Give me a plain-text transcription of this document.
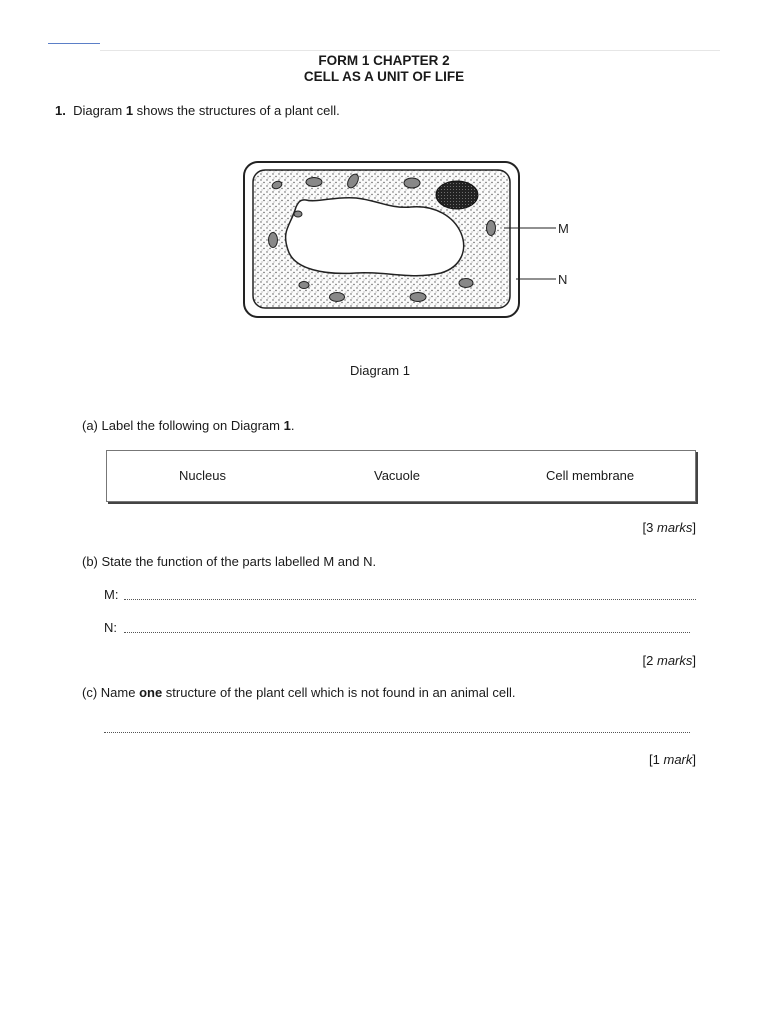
FORM 1 CHAPTER 2
CELL AS A UNIT OF LIFE
1. Diagram 1 shows the structures of a plant cell.
M
N
Diagram 1
(a) Label the following on Diagram 1.
Nucleus	Vacuole	Cell membrane
[3 marks]
(b) State the function of the parts labelled M and N.
M:
N:
[2 marks]
(c) Name one structure of the plant cell which is not found in an animal cell.
[1 mark]
